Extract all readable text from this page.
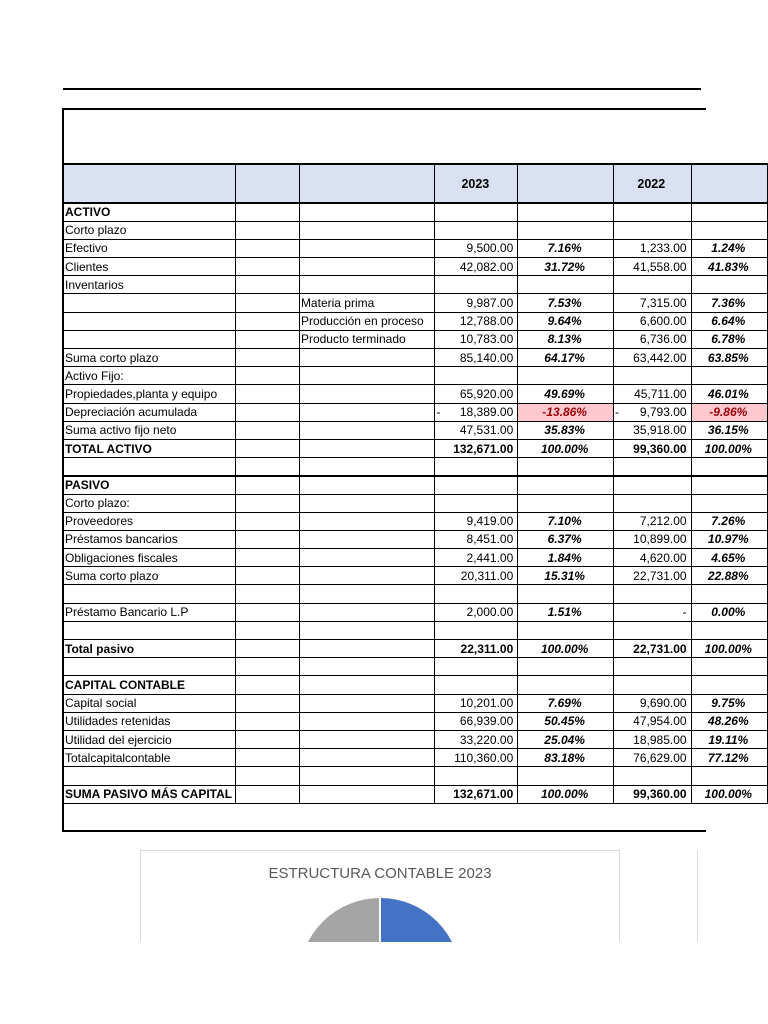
			2023		2022	
ACTIVO						
Corto plazo						
Efectivo			9,500.00	7.16%	1,233.00	1.24%
Clientes			42,082.00	31.72%	41,558.00	41.83%
Inventarios						
		Materia prima	9,987.00	7.53%	7,315.00	7.36%
		Producción en proceso	12,788.00	9.64%	6,600.00	6.64%
		Producto terminado	10,783.00	8.13%	6,736.00	6.78%
Suma corto plazo			85,140.00	64.17%	63,442.00	63.85%
Activo Fijo:						
Propiedades,planta y equipo			65,920.00	49.69%	45,711.00	46.01%
Depreciación acumulada			- 18,389.00	-13.86%	- 9,793.00	-9.86%
Suma activo fijo neto			47,531.00	35.83%	35,918.00	36.15%
TOTAL ACTIVO			132,671.00	100.00%	99,360.00	100.00%

PASIVO						
Corto plazo:						
Proveedores			9,419.00	7.10%	7,212.00	7.26%
Préstamos bancarios			8,451.00	6.37%	10,899.00	10.97%
Obligaciones fiscales			2,441.00	1.84%	4,620.00	4.65%
Suma corto plazo			20,311.00	15.31%	22,731.00	22.88%

Préstamo Bancario L.P			2,000.00	1.51%	-	0.00%

Total pasivo			22,311.00	100.00%	22,731.00	100.00%

CAPITAL CONTABLE						
Capital social			10,201.00	7.69%	9,690.00	9.75%
Utilidades retenidas			66,939.00	50.45%	47,954.00	48.26%
Utilidad del ejercicio			33,220.00	25.04%	18,985.00	19.11%
Totalcapitalcontable			110,360.00	83.18%	76,629.00	77.12%

SUMA PASIVO MÁS CAPITAL			132,671.00	100.00%	99,360.00	100.00%
ESTRUCTURA CONTABLE 2023
